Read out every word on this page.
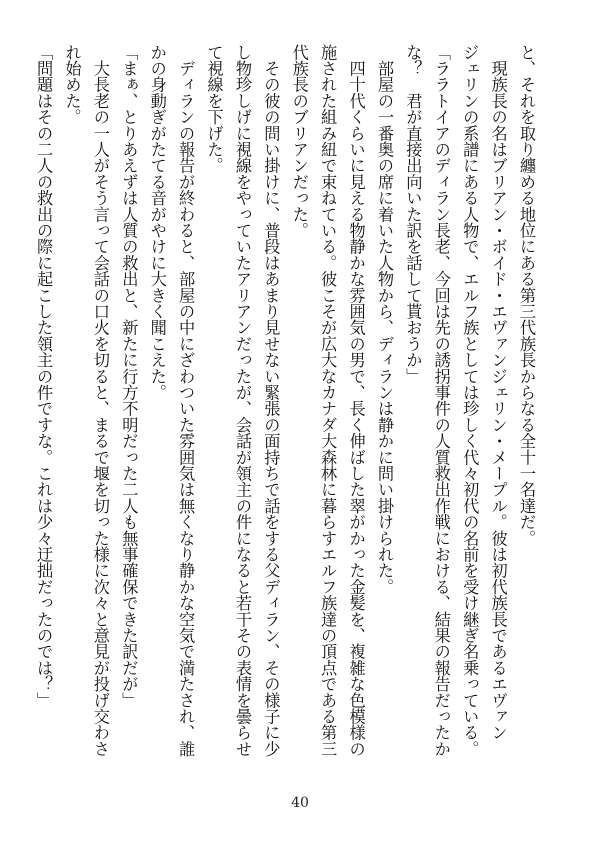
と、それを取り纏める地位にある第三代族長からなる全十一名達だ。
　現族長の名はブリアン・ボイド・エヴァンジェリン・メープル。彼は初代族長であるエヴァン
ジェリンの系譜にある人物で、エルフ族としては珍しく代々初代の名前を受け継ぎ名乗っている。
「ララトイアのディラン長老、今回は先の誘拐事件の人質救出作戦における、結果の報告だったか
な？　君が直接出向いた訳を話して貰おうか」
　部屋の一番奥の席に着いた人物から、ディランは静かに問い掛けられた。
　四十代くらいに見える物静かな雰囲気の男で、長く伸ばした翠がかった金髪を、複雑な色模様の
施された組み紐で束ねている。彼こそが広大なカナダ大森林に暮らすエルフ族達の頂点である第三
代族長のブリアンだった。
　その彼の問い掛けに、普段はあまり見せない緊張の面持ちで話をする父ディラン、その様子に少
し物珍しげに視線をやっていたアリアンだったが、会話が領主の件になると若干その表情を曇らせ
て視線を下げた。
　ディランの報告が終わると、部屋の中にざわついた雰囲気は無くなり静かな空気で満たされ、誰
かの身動ぎがたてる音がやけに大きく聞こえた。
「まぁ、とりあえずは人質の救出と、新たに行方不明だった二人も無事確保できた訳だが」
　大長老の一人がそう言って会話の口火を切ると、まるで堰を切った様に次々と意見が投げ交わさ
れ始めた。
「問題はその二人の救出の際に起こした領主の件ですな。これは少々迂拙だったのでは？」
40
